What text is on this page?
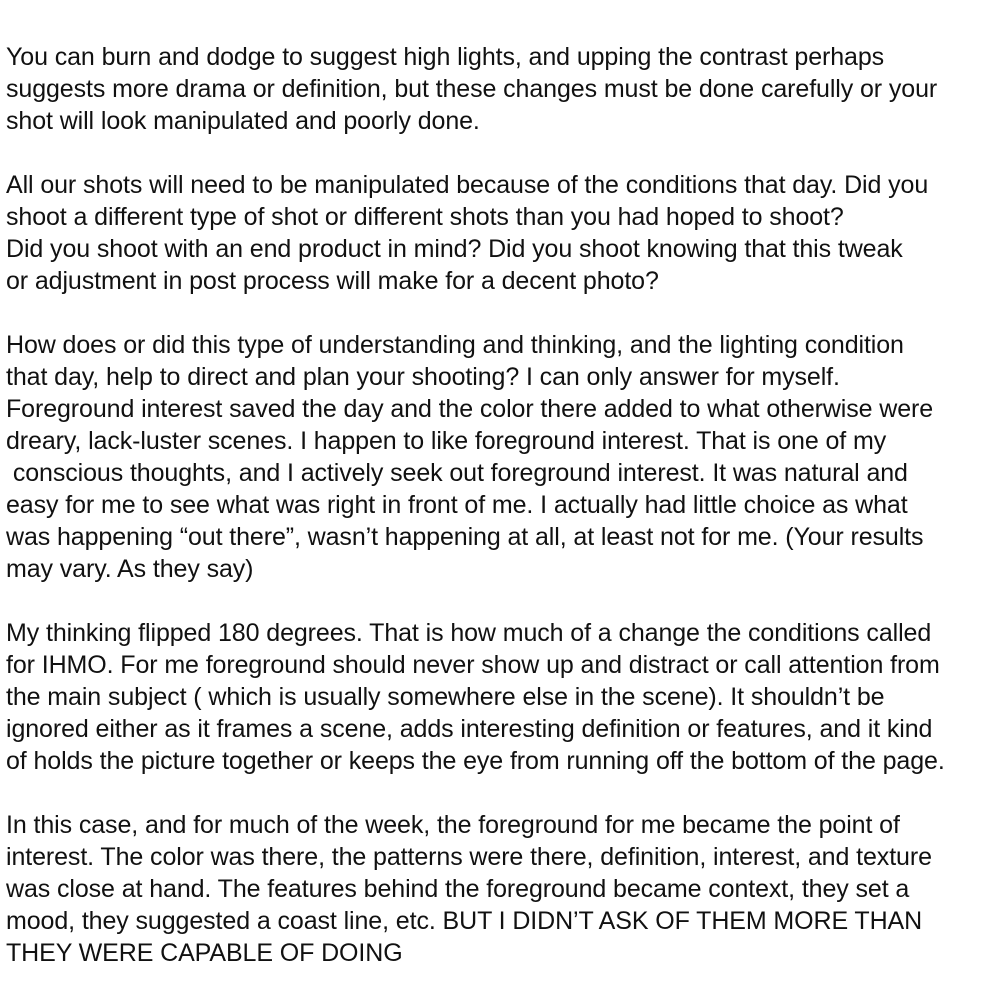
You can burn and dodge to suggest high lights, and upping the contrast perhaps
suggests more drama or definition, but these changes must be done carefully or your
shot will look manipulated and poorly done.
All our shots will need to be manipulated because of the conditions that day. Did you
shoot a different type of shot or different shots than you had hoped to shoot?
Did you shoot with an end product in mind? Did you shoot knowing that this tweak
or adjustment in post process will make for a decent photo?
How does or did this type of understanding and thinking, and the lighting condition
that day, help to direct and plan your shooting? I can only answer for myself.
Foreground interest saved the day and the color there added to what otherwise were
dreary, lack-luster scenes. I happen to like foreground interest. That is one of my
conscious thoughts, and I actively seek out foreground interest. It was natural and
easy for me to see what was right in front of me. I actually had little choice as what
was happening “out there”, wasn’t happening at all, at least not for me. (Your results
may vary. As they say)
My thinking flipped 180 degrees. That is how much of a change the conditions called
for IHMO. For me foreground should never show up and distract or call attention from
the main subject ( which is usually somewhere else in the scene). It shouldn’t be
ignored either as it frames a scene, adds interesting definition or features, and it kind
of holds the picture together or keeps the eye from running off the bottom of the page.
In this case, and for much of the week, the foreground for me became the point of
interest. The color was there, the patterns were there, definition, interest, and texture
was close at hand. The features behind the foreground became context, they set a
mood, they suggested a coast line, etc. BUT I DIDN’T ASK OF THEM MORE THAN
THEY WERE CAPABLE OF DOING
